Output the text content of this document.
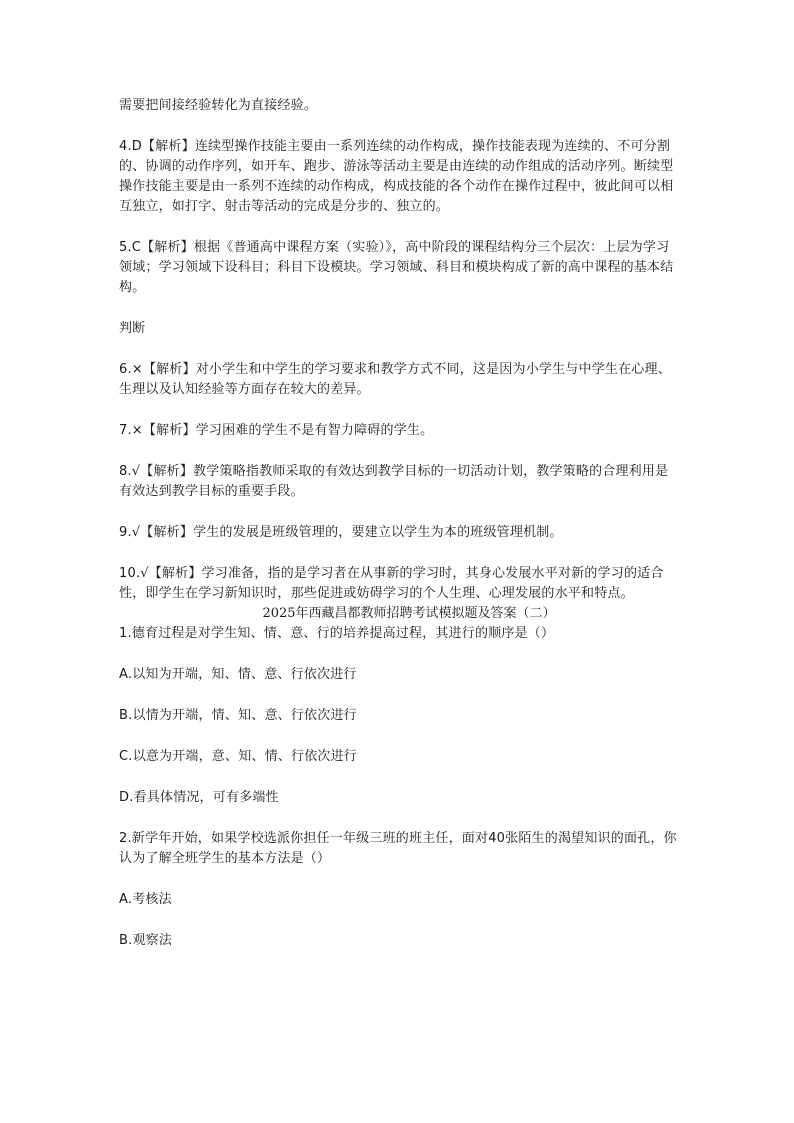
需要把间接经验转化为直接经验。

4.D【解析】连续型操作技能主要由一系列连续的动作构成，操作技能表现为连续的、不可分割的、协调的动作序列，如开车、跑步、游泳等活动主要是由连续的动作组成的活动序列。断续型操作技能主要是由一系列不连续的动作构成，构成技能的各个动作在操作过程中，彼此间可以相互独立，如打字、射击等活动的完成是分步的、独立的。

5.C【解析】根据《普通高中课程方案（实验）》，高中阶段的课程结构分三个层次：上层为学习领域；学习领域下设科目；科目下设模块。学习领域、科目和模块构成了新的高中课程的基本结构。

判断

6.×【解析】对小学生和中学生的学习要求和教学方式不同，这是因为小学生与中学生在心理、生理以及认知经验等方面存在较大的差异。

7.×【解析】学习困难的学生不是有智力障碍的学生。

8.√【解析】教学策略指教师采取的有效达到教学目标的一切活动计划，教学策略的合理利用是有效达到教学目标的重要手段。

9.√【解析】学生的发展是班级管理的，要建立以学生为本的班级管理机制。

10.√【解析】学习准备，指的是学习者在从事新的学习时，其身心发展水平对新的学习的适合性，即学生在学习新知识时，那些促进或妨碍学习的个人生理、心理发展的水平和特点。

2025年西藏昌都教师招聘考试模拟题及答案（二）

1.德育过程是对学生知、情、意、行的培养提高过程，其进行的顺序是（）

A.以知为开端，知、情、意、行依次进行

B.以情为开端，情、知、意、行依次进行

C.以意为开端，意、知、情、行依次进行

D.看具体情况，可有多端性

2.新学年开始，如果学校选派你担任一年级三班的班主任，面对40张陌生的渴望知识的面孔，你认为了解全班学生的基本方法是（）

A.考核法

B.观察法
